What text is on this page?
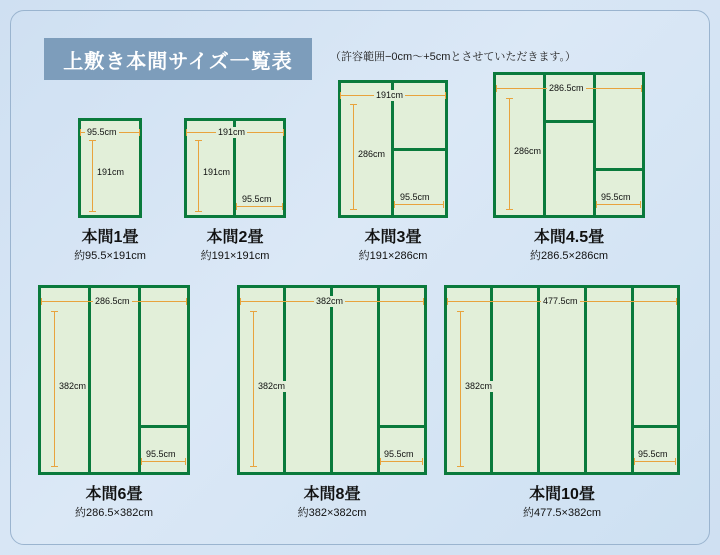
上敷き本間サイズ一覧表	（許容範囲−0cm〜+5cmとさせていただきます。）
95.5cm
191cm
本間1畳
約95.5×191cm
191cm
191cm
95.5cm
本間2畳
約191×191cm
191cm
286cm
95.5cm
本間3畳
約191×286cm
286.5cm
286cm
95.5cm
本間4.5畳
約286.5×286cm
286.5cm
382cm
95.5cm
本間6畳
約286.5×382cm
382cm
382cm
95.5cm
本間8畳
約382×382cm
477.5cm
382cm
95.5cm
本間10畳
約477.5×382cm
